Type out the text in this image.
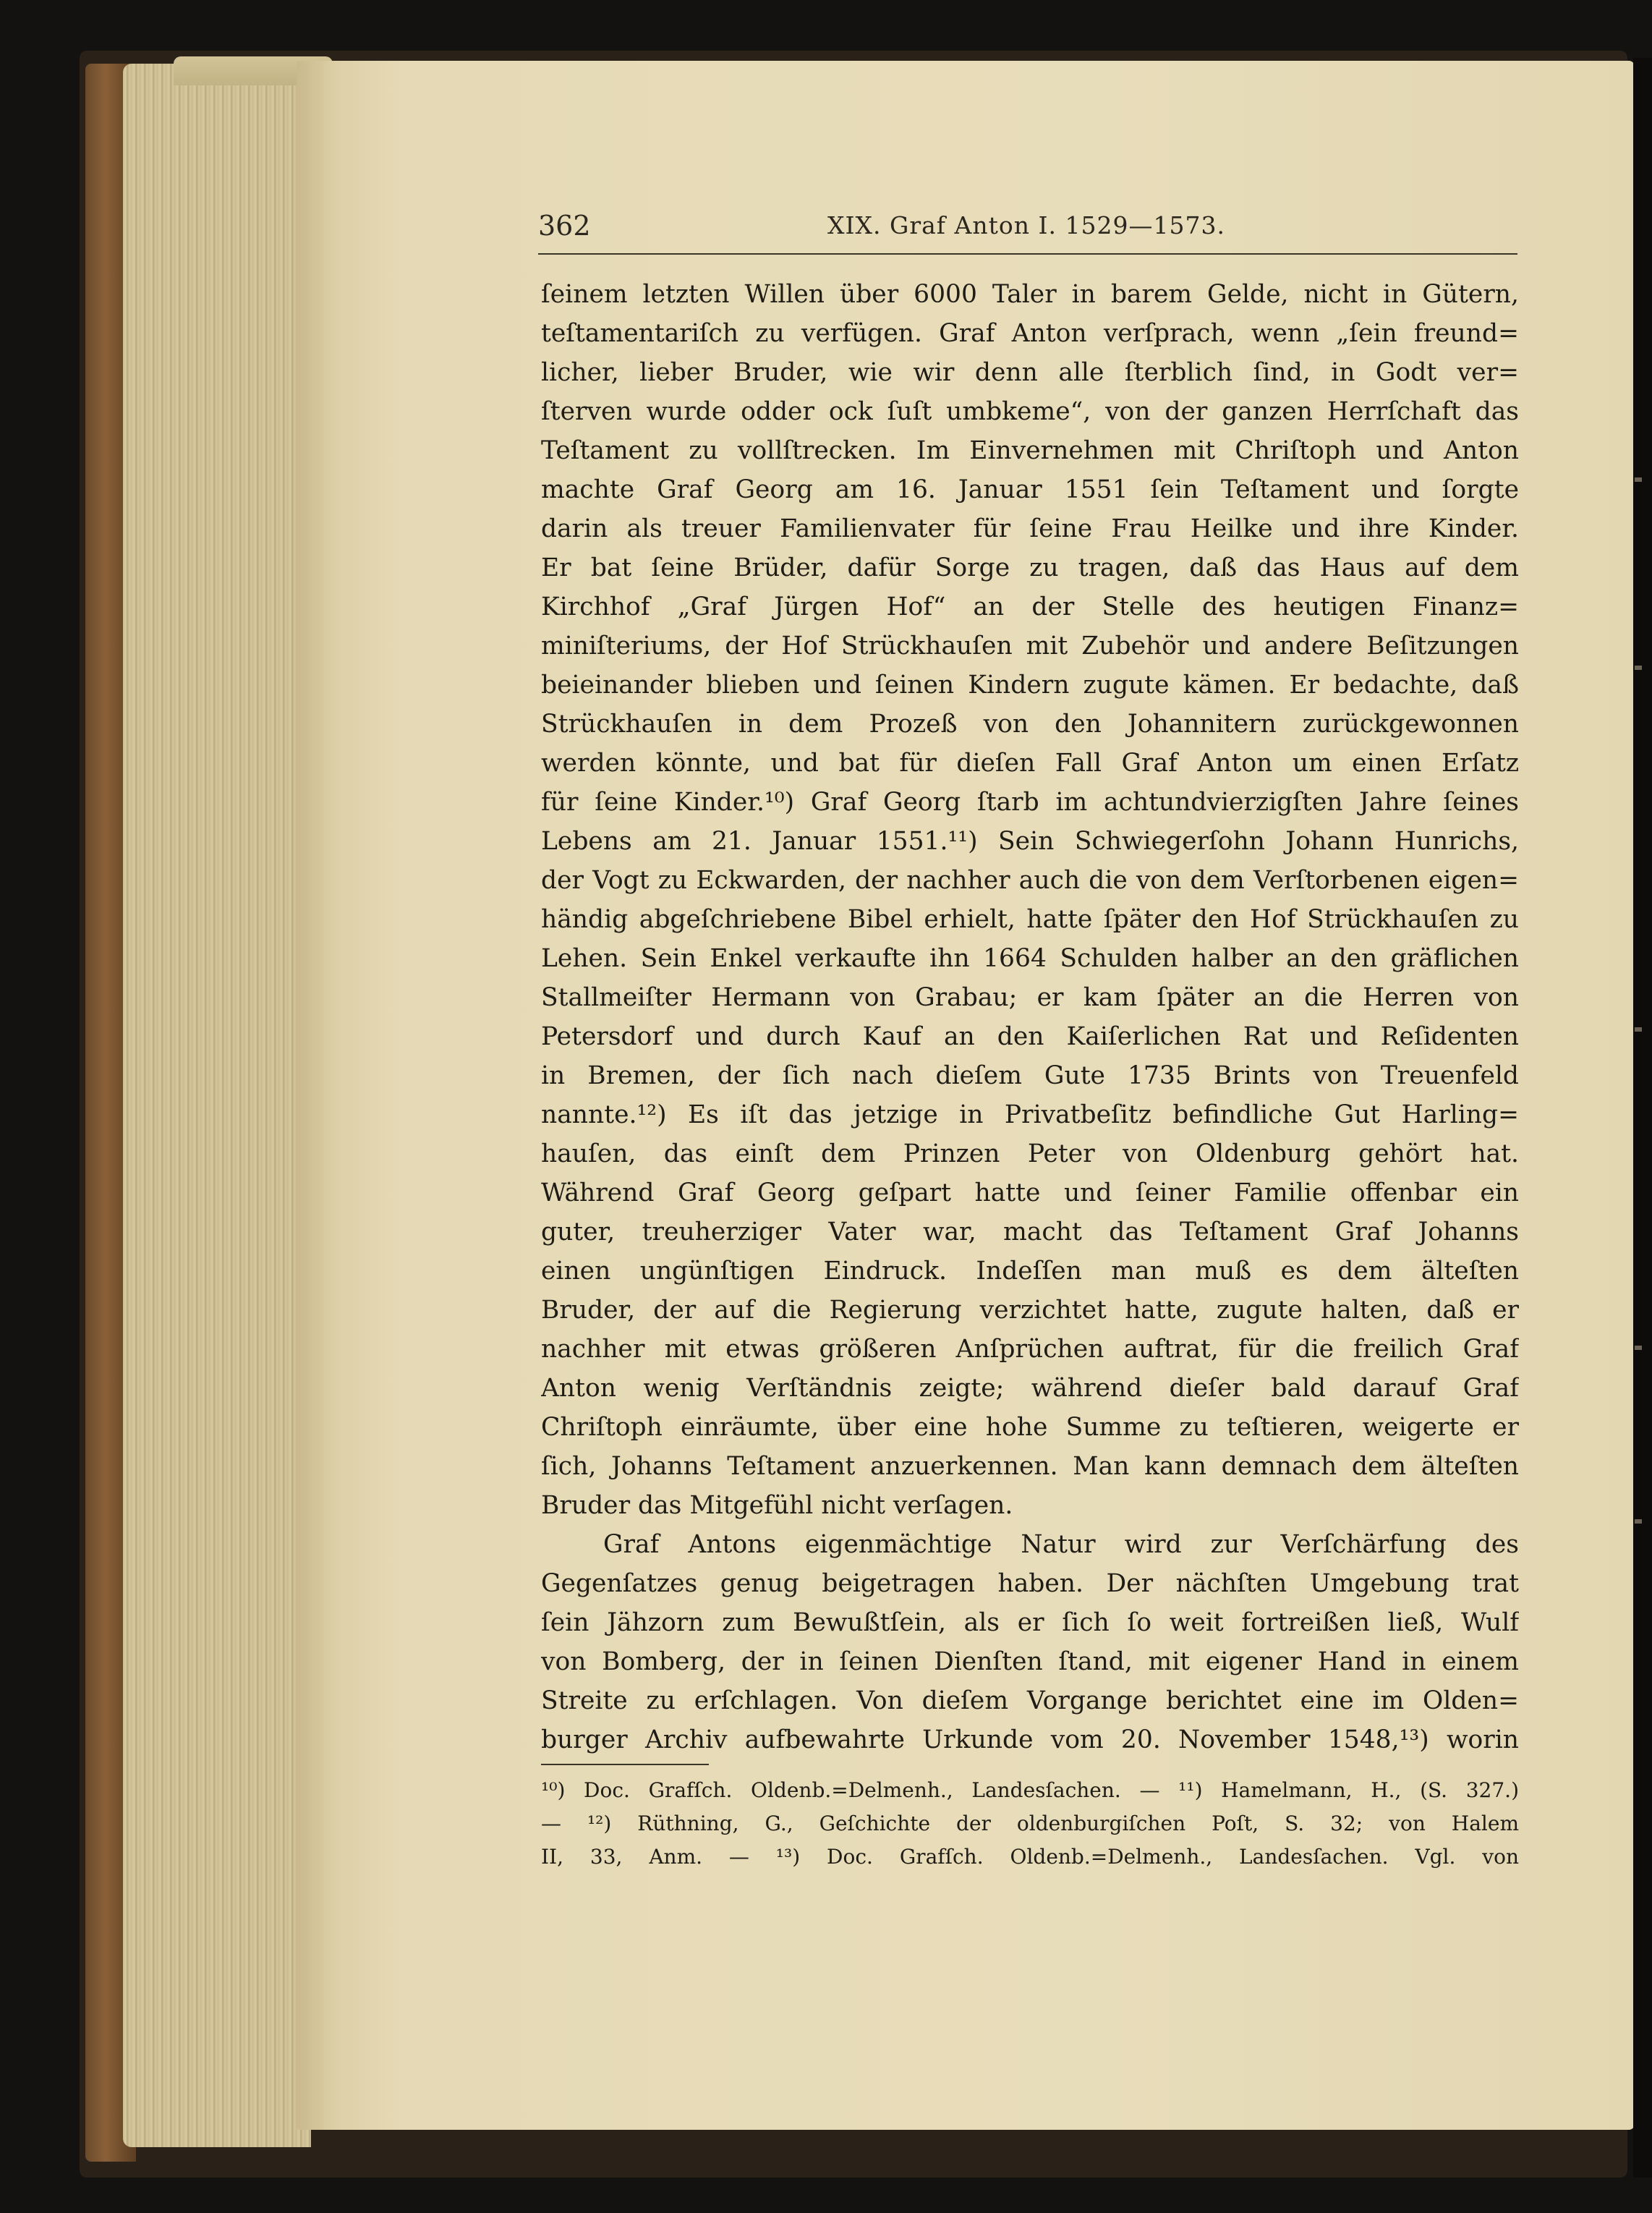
362	XIX. Graf Anton I. 1529—1573.
ſeinem letzten Willen über 6000 Taler in barem Gelde, nicht in Gütern,
teſtamentariſch zu verfügen. Graf Anton verſprach, wenn „ſein freund=
licher, lieber Bruder, wie wir denn alle ſterblich ſind, in Godt ver=
ſterven wurde odder ock ſuſt umbkeme“, von der ganzen Herrſchaft das
Teſtament zu vollſtrecken. Im Einvernehmen mit Chriſtoph und Anton
machte Graf Georg am 16. Januar 1551 ſein Teſtament und ſorgte
darin als treuer Familienvater für ſeine Frau Heilke und ihre Kinder.
Er bat ſeine Brüder, dafür Sorge zu tragen, daß das Haus auf dem
Kirchhof „Graf Jürgen Hof“ an der Stelle des heutigen Finanz=
miniſteriums, der Hof Strückhauſen mit Zubehör und andere Beſitzungen
beieinander blieben und ſeinen Kindern zugute kämen. Er bedachte, daß
Strückhauſen in dem Prozeß von den Johannitern zurückgewonnen
werden könnte, und bat für dieſen Fall Graf Anton um einen Erſatz
für ſeine Kinder.¹⁰) Graf Georg ſtarb im achtundvierzigſten Jahre ſeines
Lebens am 21. Januar 1551.¹¹) Sein Schwiegerſohn Johann Hunrichs,
der Vogt zu Eckwarden, der nachher auch die von dem Verſtorbenen eigen=
händig abgeſchriebene Bibel erhielt, hatte ſpäter den Hof Strückhauſen zu
Lehen. Sein Enkel verkaufte ihn 1664 Schulden halber an den gräflichen
Stallmeiſter Hermann von Grabau; er kam ſpäter an die Herren von
Petersdorf und durch Kauf an den Kaiſerlichen Rat und Reſidenten
in Bremen, der ſich nach dieſem Gute 1735 Brints von Treuenfeld
nannte.¹²) Es iſt das jetzige in Privatbeſitz befindliche Gut Harling=
hauſen, das einſt dem Prinzen Peter von Oldenburg gehört hat.
Während Graf Georg geſpart hatte und ſeiner Familie offenbar ein
guter, treuherziger Vater war, macht das Teſtament Graf Johanns
einen ungünſtigen Eindruck. Indeſſen man muß es dem älteſten
Bruder, der auf die Regierung verzichtet hatte, zugute halten, daß er
nachher mit etwas größeren Anſprüchen auftrat, für die freilich Graf
Anton wenig Verſtändnis zeigte; während dieſer bald darauf Graf
Chriſtoph einräumte, über eine hohe Summe zu teſtieren, weigerte er
ſich, Johanns Teſtament anzuerkennen. Man kann demnach dem älteſten
Bruder das Mitgefühl nicht verſagen.
Graf Antons eigenmächtige Natur wird zur Verſchärfung des
Gegenſatzes genug beigetragen haben. Der nächſten Umgebung trat
ſein Jähzorn zum Bewußtſein, als er ſich ſo weit fortreißen ließ, Wulf
von Bomberg, der in ſeinen Dienſten ſtand, mit eigener Hand in einem
Streite zu erſchlagen. Von dieſem Vorgange berichtet eine im Olden=
burger Archiv aufbewahrte Urkunde vom 20. November 1548,¹³) worin
¹⁰) Doc. Grafſch. Oldenb.=Delmenh., Landesſachen. — ¹¹) Hamelmann, H., (S. 327.)
— ¹²) Rüthning, G., Geſchichte der oldenburgiſchen Poſt, S. 32; von Halem
II, 33, Anm. — ¹³) Doc. Grafſch. Oldenb.=Delmenh., Landesſachen. Vgl. von
